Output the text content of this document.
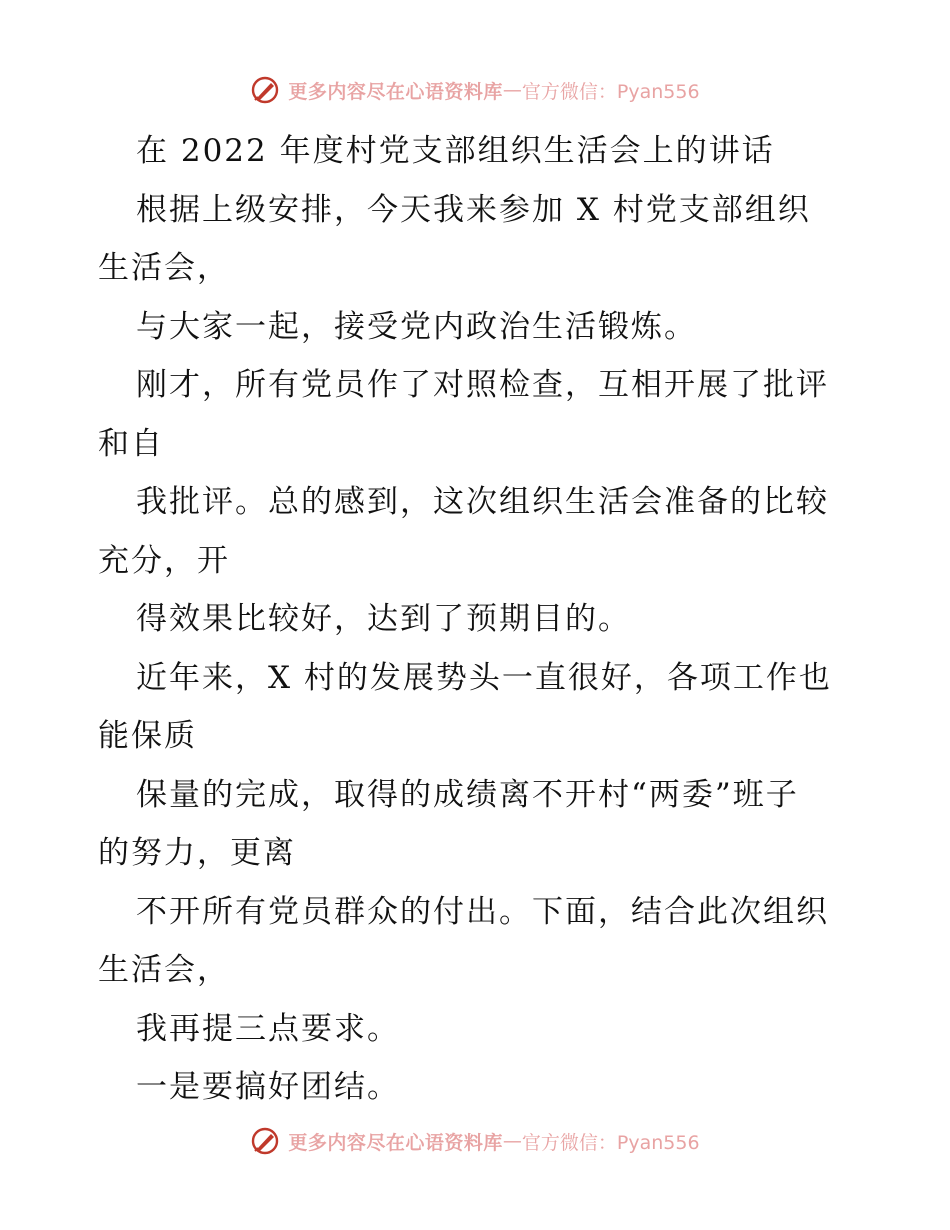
更多内容尽在心语资料库 — 官方微信：Pyan556
在 2022 年度村党支部组织生活会上的讲话
根据上级安排，今天我来参加 X 村党支部组织
生活会，
与大家一起，接受党内政治生活锻炼。
刚才，所有党员作了对照检查，互相开展了批评
和自
我批评。总的感到，这次组织生活会准备的比较
充分，开
得效果比较好，达到了预期目的。
近年来，X 村的发展势头一直很好，各项工作也
能保质
保量的完成，取得的成绩离不开村“两委”班子
的努力，更离
不开所有党员群众的付出。下面，结合此次组织
生活会，
我再提三点要求。
一是要搞好团结。
更多内容尽在心语资料库 — 官方微信：Pyan556
